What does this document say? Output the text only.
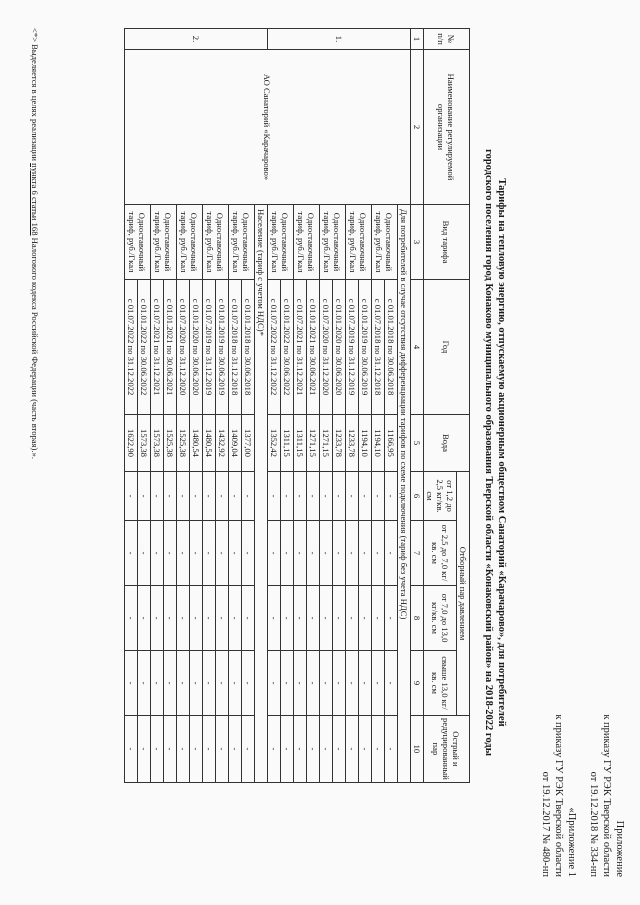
Приложение
к приказу ГУ РЭК Тверской области
от 19.12.2018 № 334-нп
«Приложение 1
к приказу ГУ РЭК Тверской области
от 19.12.2017 № 480-нп
Тарифы на тепловую энергию, отпускаемую акционерным обществом Санаторий «Карачарово», для потребителей
городского поселения город Конаково муниципального образования Тверской области «Конаковский район» на 2018-2022 годы
№ п/п	Наименование регулируемой организации	Вид тарифа	Год	Вода	Отборный пар давлением				Острый и редуцированный пар
					от 1,2 до 2,5 кг/кв. см	от 2,5 до 7,0 кг/кв. см	от 7,0 до 13,0 кг/кв. см	свыше 13,0 кг/кв. см	
1	2	3	4	5	6	7	8	9	10
1.	АО Санаторий «Карачарово»	Для потребителей в случае отсутствия дифференциации тарифов по схеме подключения (тариф без учета НДС)							
		Одноставочный тариф, руб./Гкал	с 01.01.2018 по 30.06.2018	1166,95	-	-	-	-	-
			с 01.07.2018 по 31.12.2018	1194,10	-	-	-	-	-
		Одноставочный тариф, руб./Гкал	с 01.01.2019 по 30.06.2019	1194,10	-	-	-	-	-
			с 01.07.2019 по 31.12.2019	1233,78	-	-	-	-	-
		Одноставочный тариф, руб./Гкал	с 01.01.2020 по 30.06.2020	1233,78	-	-	-	-	-
			с 01.07.2020 по 31.12.2020	1271,15	-	-	-	-	-
		Одноставочный тариф, руб./Гкал	с 01.01.2021 по 30.06.2021	1271,15	-	-	-	-	-
			с 01.07.2021 по 31.12.2021	1311,15	-	-	-	-	-
		Одноставочный тариф, руб./Гкал	с 01.01.2022 по 30.06.2022	1311,15	-	-	-	-	-
			с 01.07.2022 по 31.12.2022	1352,42	-	-	-	-	-
2.		Население (тариф с учетом НДС)*							
		Одноставочный тариф, руб./Гкал	с 01.01.2018 по 30.06.2018	1377,00	-	-	-	-	-
			с 01.07.2018 по 31.12.2018	1409,04	-	-	-	-	-
		Одноставочный тариф, руб./Гкал	с 01.01.2019 по 30.06.2019	1432,92	-	-	-	-	-
			с 01.07.2019 по 31.12.2019	1480,54	-	-	-	-	-
		Одноставочный тариф, руб./Гкал	с 01.01.2020 по 30.06.2020	1480,54	-	-	-	-	-
			с 01.07.2020 по 31.12.2020	1525,38	-	-	-	-	-
		Одноставочный тариф, руб./Гкал	с 01.01.2021 по 30.06.2021	1525,38	-	-	-	-	-
			с 01.07.2021 по 31.12.2021	1573,38	-	-	-	-	-
		Одноставочный тариф, руб./Гкал	с 01.01.2022 по 30.06.2022	1573,38	-	-	-	-	-
			с 01.07.2022 по 31.12.2022	1622,90	-	-	-	-	-
<*> Выделяется в целях реализации пункта 6 статьи 168 Налогового кодекса Российской Федерации (часть вторая).».
